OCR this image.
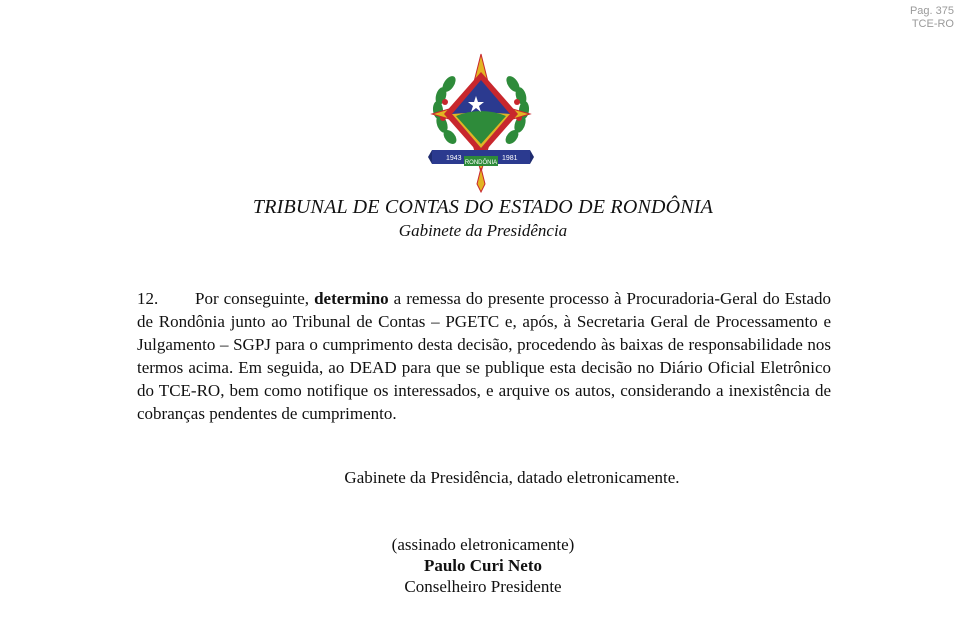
Pag. 375
TCE-RO
1943	1981
RONDÔNIA
TRIBUNAL DE CONTAS DO ESTADO DE RONDÔNIA
Gabinete da Presidência

12. Por conseguinte, determino a remessa do presente processo à Procuradoria-Geral do Estado de Rondônia junto ao Tribunal de Contas – PGETC e, após, à Secretaria Geral de Processamento e Julgamento – SGPJ para o cumprimento desta decisão, procedendo às baixas de responsabilidade nos termos acima. Em seguida, ao DEAD para que se publique esta decisão no Diário Oficial Eletrônico do TCE-RO, bem como notifique os interessados, e arquive os autos, considerando a inexistência de cobranças pendentes de cumprimento.

Gabinete da Presidência, datado eletronicamente.
(assinado eletronicamente)
Paulo Curi Neto
Conselheiro Presidente
